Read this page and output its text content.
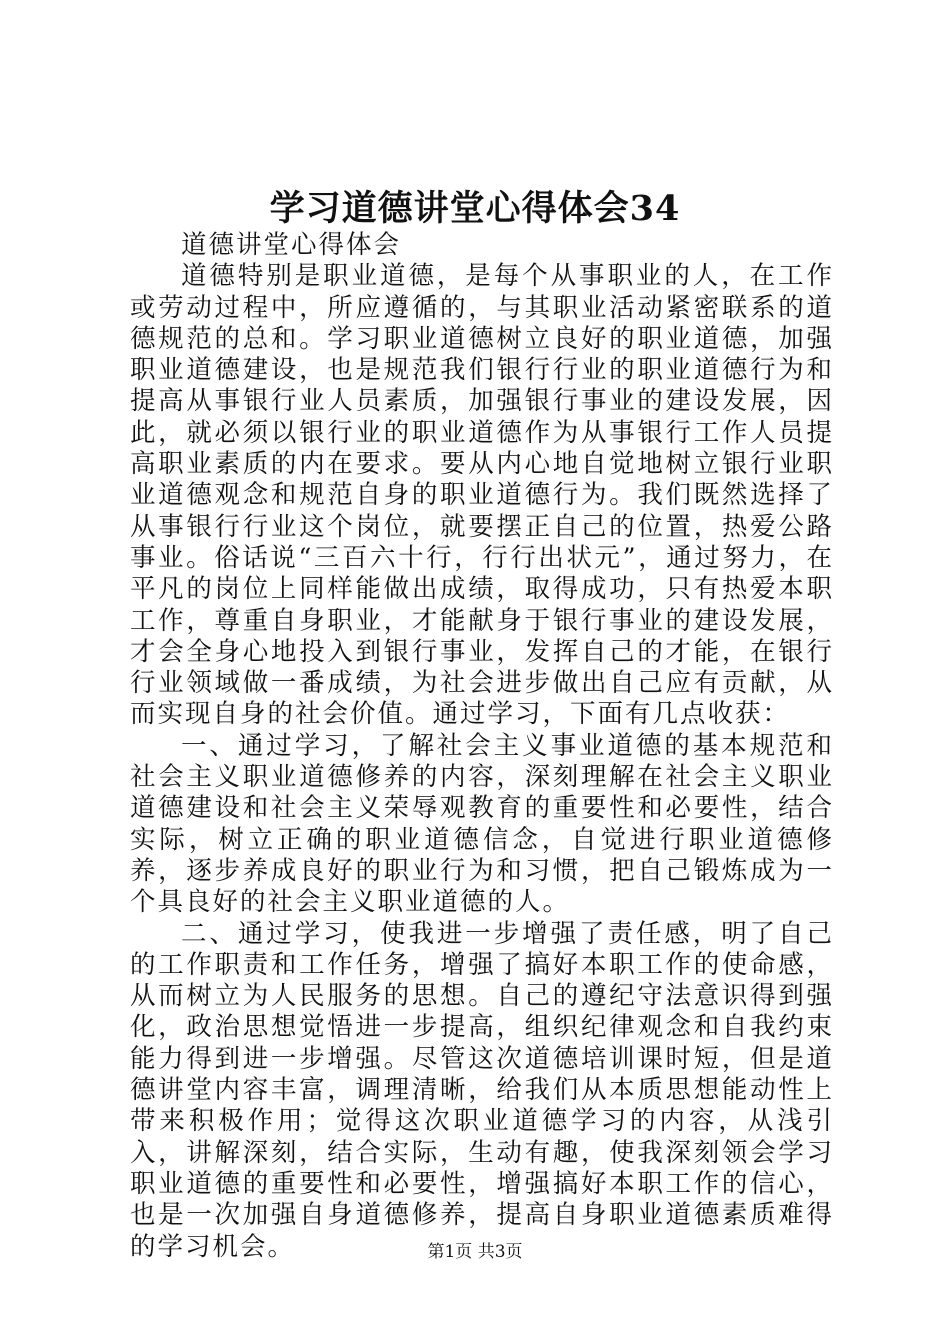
学习道德讲堂心得体会34

道德讲堂心得体会

道德特别是职业道德，是每个从事职业的人，在工作或劳动过程中，所应遵循的，与其职业活动紧密联系的道德规范的总和。学习职业道德树立良好的职业道德，加强职业道德建设，也是规范我们银行行业的职业道德行为和提高从事银行业人员素质，加强银行事业的建设发展，因此，就必须以银行业的职业道德作为从事银行工作人员提高职业素质的内在要求。要从内心地自觉地树立银行业职业道德观念和规范自身的职业道德行为。我们既然选择了从事银行行业这个岗位，就要摆正自己的位置，热爱公路事业。俗话说“三百六十行，行行出状元”，通过努力，在平凡的岗位上同样能做出成绩，取得成功，只有热爱本职工作，尊重自身职业，才能献身于银行事业的建设发展，才会全身心地投入到银行事业，发挥自己的才能，在银行行业领域做一番成绩，为社会进步做出自己应有贡献，从而实现自身的社会价值。通过学习，下面有几点收获：

一、通过学习，了解社会主义事业道德的基本规范和社会主义职业道德修养的内容，深刻理解在社会主义职业道德建设和社会主义荣辱观教育的重要性和必要性，结合实际，树立正确的职业道德信念，自觉进行职业道德修养，逐步养成良好的职业行为和习惯，把自己锻炼成为一个具良好的社会主义职业道德的人。

二、通过学习，使我进一步增强了责任感，明了自己的工作职责和工作任务，增强了搞好本职工作的使命感，从而树立为人民服务的思想。自己的遵纪守法意识得到强化，政治思想觉悟进一步提高，组织纪律观念和自我约束能力得到进一步增强。尽管这次道德培训课时短，但是道德讲堂内容丰富，调理清晰，给我们从本质思想能动性上带来积极作用；觉得这次职业道德学习的内容，从浅引入，讲解深刻，结合实际，生动有趣，使我深刻领会学习职业道德的重要性和必要性，增强搞好本职工作的信心，也是一次加强自身道德修养，提高自身职业道德素质难得的学习机会。	第1页 共3页
